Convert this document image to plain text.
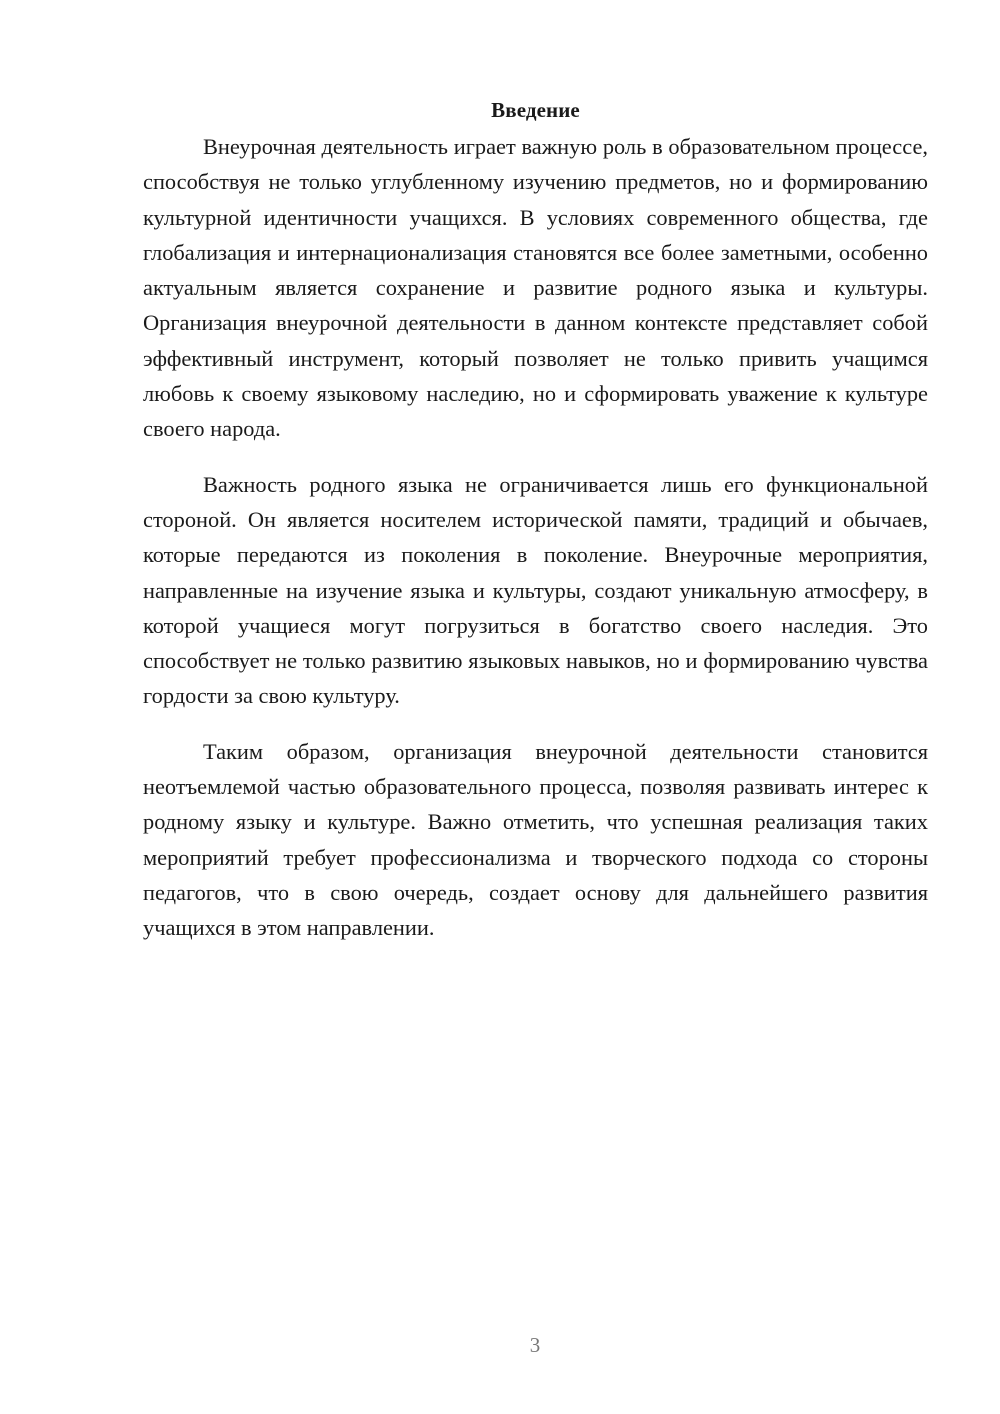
Введение

Внеурочная деятельность играет важную роль в образовательном процессе, способствуя не только углубленному изучению предметов, но и формированию культурной идентичности учащихся. В условиях современного общества, где глобализация и интернационализация становятся все более заметными, особенно актуальным является сохранение и развитие родного языка и культуры. Организация внеурочной деятельности в данном контексте представляет собой эффективный инструмент, который позволяет не только привить учащимся любовь к своему языковому наследию, но и сформировать уважение к культуре своего народа.

Важность родного языка не ограничивается лишь его функциональной стороной. Он является носителем исторической памяти, традиций и обычаев, которые передаются из поколения в поколение. Внеурочные мероприятия, направленные на изучение языка и культуры, создают уникальную атмосферу, в которой учащиеся могут погрузиться в богатство своего наследия. Это способствует не только развитию языковых навыков, но и формированию чувства гордости за свою культуру.

Таким образом, организация внеурочной деятельности становится неотъемлемой частью образовательного процесса, позволяя развивать интерес к родному языку и культуре. Важно отметить, что успешная реализация таких мероприятий требует профессионализма и творческого подхода со стороны педагогов, что в свою очередь, создает основу для дальнейшего развития учащихся в этом направлении.

3
